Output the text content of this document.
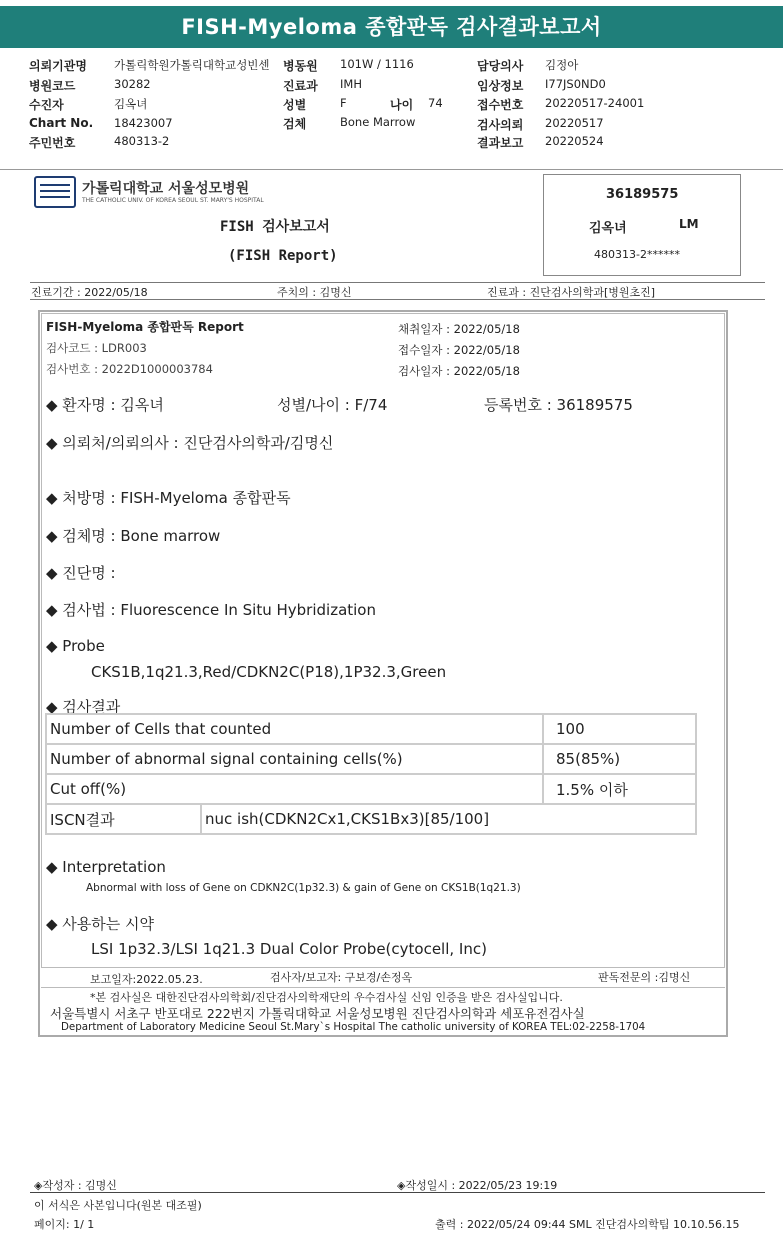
FISH-Myeloma 종합판독 검사결과보고서
의뢰기관명 가톨릭학원가톨릭대학교성빈센 병동원 101W / 1116	담당의사 김정아
병원코드	30282	진료과 IMH	임상정보 I77JS0ND0
수진자	김옥녀	성별	F	나이 74	접수번호 20220517-24001
Chart No. 18423007	검체	Bone Marrow	검사의뢰 20220517
주민번호	480313-2	결과보고 20220524
가톨릭대학교 서울성모병원
THE CATHOLIC UNIV. OF KOREA SEOUL ST. MARY'S HOSPITAL
FISH 검사보고서
(FISH Report)
36189575
김옥녀	LM
480313-2******
진료기간 : 2022/05/18	주치의 : 김명신	진료과 : 진단검사의학과[병원초진]
FISH-Myeloma 종합판독 Report
검사코드 : LDR003
검사번호 : 2022D1000003784
채취일자 : 2022/05/18
접수일자 : 2022/05/18
검사일자 : 2022/05/18
◆ 환자명 : 김옥녀	성별/나이 : F/74	등록번호 : 36189575
◆ 의뢰처/의뢰의사 : 진단검사의학과/김명신
◆ 처방명 : FISH-Myeloma 종합판독
◆ 검체명 : Bone marrow
◆ 진단명 :
◆ 검사법 : Fluorescence In Situ Hybridization
◆ Probe
CKS1B,1q21.3,Red/CDKN2C(P18),1P32.3,Green
◆ 검사결과
Number of Cells that counted		100
Number of abnormal signal containing cells(%)		85(85%)
Cut off(%)		1.5% 이하
ISCN결과	nuc ish(CDKN2Cx1,CKS1Bx3)[85/100]	
◆ Interpretation
Abnormal with loss of Gene on CDKN2C(1p32.3) & gain of Gene on CKS1B(1q21.3)
◆ 사용하는 시약
LSI 1p32.3/LSI 1q21.3 Dual Color Probe(cytocell, Inc)
보고일자:2022.05.23.	검사자/보고자: 구보경/손정옥	판독전문의 :김명신
*본 검사실은 대한진단검사의학회/진단검사의학재단의 우수검사실 신임 인증을 받은 검사실입니다.
서울특별시 서초구 반포대로 222번지 가톨릭대학교 서울성모병원 진단검사의학과 세포유전검사실
Department of Laboratory Medicine Seoul St.Mary`s Hospital The catholic university of KOREA TEL:02-2258-1704
◈작성자 : 김명신	◈작성일시 : 2022/05/23 19:19
이 서식은 사본입니다(원본 대조필)
페이지: 1/ 1	출력 : 2022/05/24 09:44 SML 진단검사의학팀 10.10.56.15
